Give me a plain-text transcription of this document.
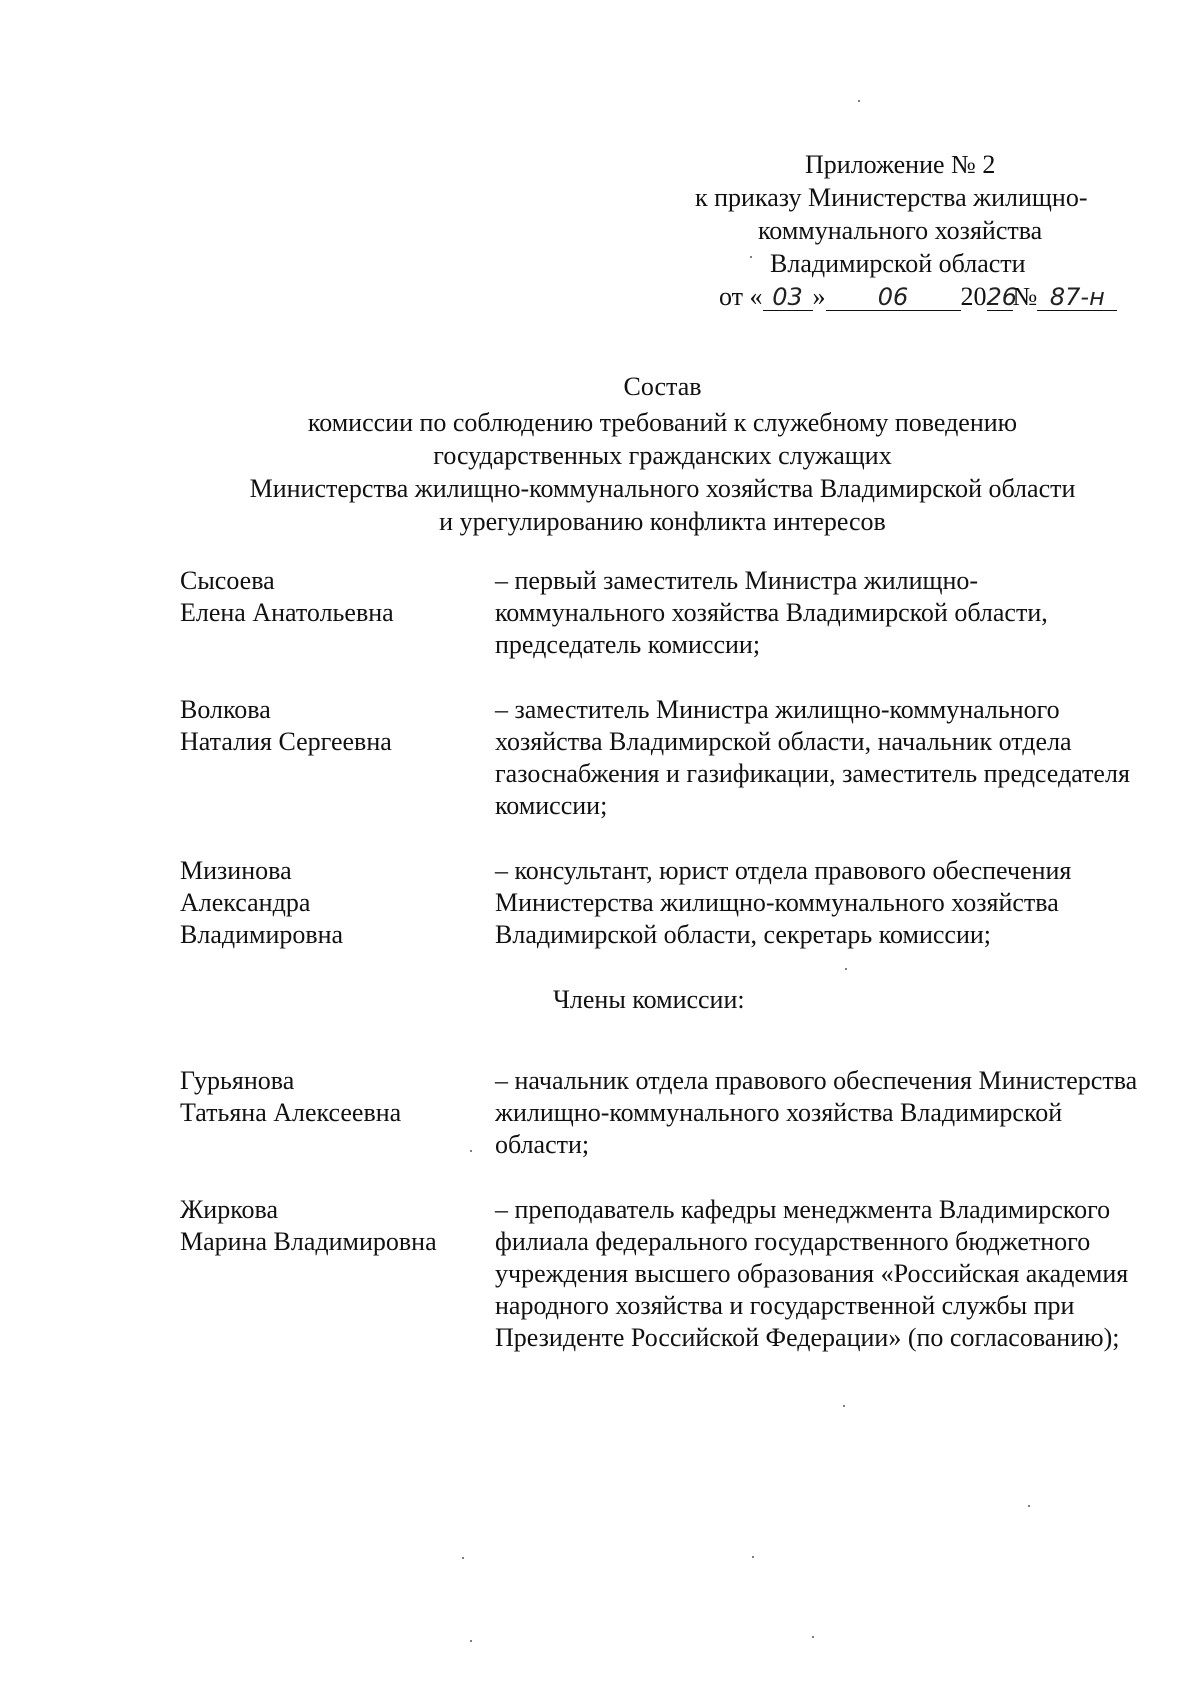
Приложение № 2
к приказу Министерства жилищно-
коммунального хозяйства
Владимирской области
от « 03 » 06 2026№ 87-н
Состав
комиссии по соблюдению требований к служебному поведению
государственных гражданских служащих
Министерства жилищно-коммунального хозяйства Владимирской области
и урегулированию конфликта интересов
Сысоева
Елена Анатольевна
– первый заместитель Министра жилищно-коммунального хозяйства Владимирской области, председатель комиссии;
Волкова
Наталия Сергеевна
– заместитель Министра жилищно-коммунального хозяйства Владимирской области, начальник отдела газоснабжения и газификации, заместитель председателя комиссии;
Мизинова
Александра
Владимировна
– консультант, юрист отдела правового обеспечения Министерства жилищно-коммунального хозяйства Владимирской области, секретарь комиссии;
Члены комиссии:
Гурьянова
Татьяна Алексеевна
– начальник отдела правового обеспечения Министерства жилищно-коммунального хозяйства Владимирской области;
Жиркова
Марина Владимировна
– преподаватель кафедры менеджмента Владимирского филиала федерального государственного бюджетного учреждения высшего образования «Российская академия народного хозяйства и государственной службы при Президенте Российской Федерации» (по согласованию);
